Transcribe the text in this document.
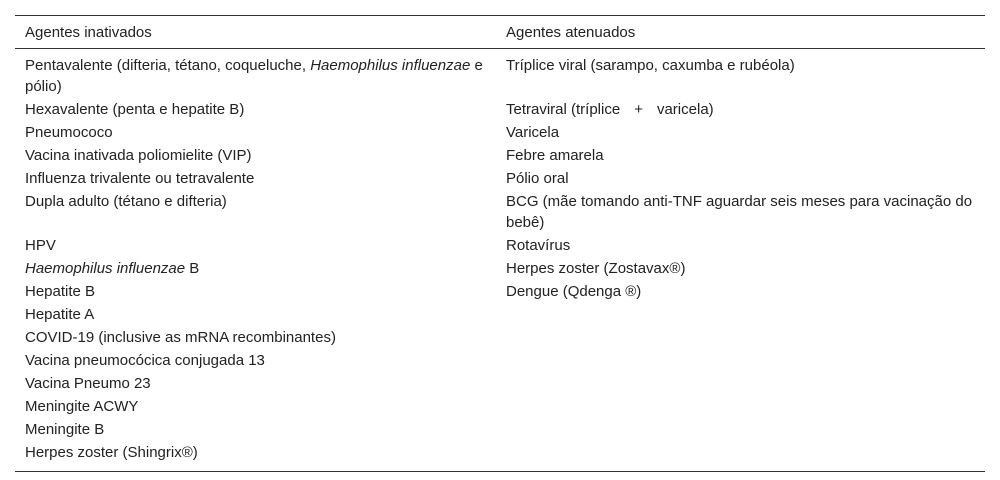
Agentes inativados	Agentes atenuados
Pentavalente (difteria, tétano, coqueluche, Haemophilus influenzae e pólio)	Tríplice viral (sarampo, caxumba e rubéola)
Hexavalente (penta e hepatite B)	Tetraviral (tríplice + varicela)
Pneumococo	Varicela
Vacina inativada poliomielite (VIP)	Febre amarela
Influenza trivalente ou tetravalente	Pólio oral
Dupla adulto (tétano e difteria)	BCG (mãe tomando anti-TNF aguardar seis meses para vacinação do bebê)
HPV	Rotavírus
Haemophilus influenzae B	Herpes zoster (Zostavax®)
Hepatite B	Dengue (Qdenga ®)
Hepatite A	
COVID-19 (inclusive as mRNA recombinantes)	
Vacina pneumocócica conjugada 13	
Vacina Pneumo 23	
Meningite ACWY	
Meningite B	
Herpes zoster (Shingrix®)	
